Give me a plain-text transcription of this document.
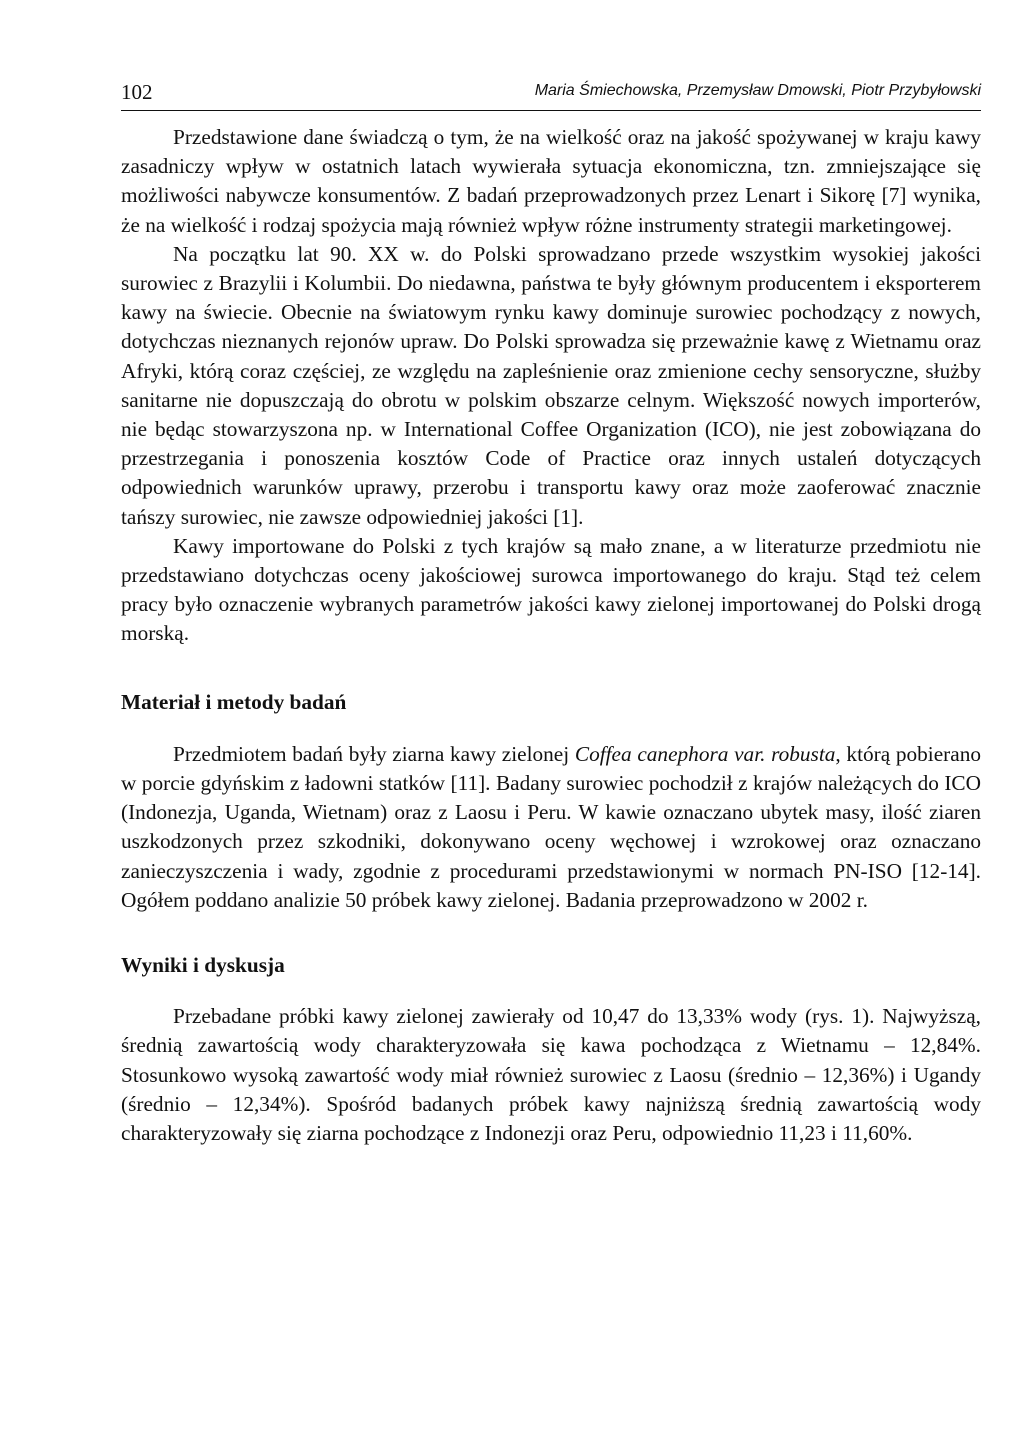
102	Maria Śmiechowska, Przemysław Dmowski, Piotr Przybyłowski

Przedstawione dane świadczą o tym, że na wielkość oraz na jakość spożywanej w kraju kawy zasadniczy wpływ w ostatnich latach wywierała sytuacja ekonomiczna, tzn. zmniejszające się możliwości nabywcze konsumentów. Z badań przeprowadzonych przez Lenart i Sikorę [7] wynika, że na wielkość i rodzaj spożycia mają również wpływ różne instrumenty strategii marketingowej.

Na początku lat 90. XX w. do Polski sprowadzano przede wszystkim wysokiej jakości surowiec z Brazylii i Kolumbii. Do niedawna, państwa te były głównym producentem i eksporterem kawy na świecie. Obecnie na światowym rynku kawy dominuje surowiec pochodzący z nowych, dotychczas nieznanych rejonów upraw. Do Polski sprowadza się przeważnie kawę z Wietnamu oraz Afryki, którą coraz częściej, ze względu na zapleśnienie oraz zmienione cechy sensoryczne, służby sanitarne nie dopuszczają do obrotu w polskim obszarze celnym. Większość nowych importerów, nie będąc stowarzyszona np. w International Coffee Organization (ICO), nie jest zobowiązana do przestrzegania i ponoszenia kosztów Code of Practice oraz innych ustaleń dotyczących odpowiednich warunków uprawy, przerobu i transportu kawy oraz może zaoferować znacznie tańszy surowiec, nie zawsze odpowiedniej jakości [1].

Kawy importowane do Polski z tych krajów są mało znane, a w literaturze przedmiotu nie przedstawiano dotychczas oceny jakościowej surowca importowanego do kraju. Stąd też celem pracy było oznaczenie wybranych parametrów jakości kawy zielonej importowanej do Polski drogą morską.

Materiał i metody badań

Przedmiotem badań były ziarna kawy zielonej Coffea canephora var. robusta, którą pobierano w porcie gdyńskim z ładowni statków [11]. Badany surowiec pochodził z krajów należących do ICO (Indonezja, Uganda, Wietnam) oraz z Laosu i Peru. W kawie oznaczano ubytek masy, ilość ziaren uszkodzonych przez szkodniki, dokonywano oceny węchowej i wzrokowej oraz oznaczano zanieczyszczenia i wady, zgodnie z procedurami przedstawionymi w normach PN-ISO [12-14]. Ogółem poddano analizie 50 próbek kawy zielonej. Badania przeprowadzono w 2002 r.

Wyniki i dyskusja

Przebadane próbki kawy zielonej zawierały od 10,47 do 13,33% wody (rys. 1). Najwyższą, średnią zawartością wody charakteryzowała się kawa pochodząca z Wietnamu – 12,84%. Stosunkowo wysoką zawartość wody miał również surowiec z Laosu (średnio – 12,36%) i Ugandy (średnio – 12,34%). Spośród badanych próbek kawy najniższą średnią zawartością wody charakteryzowały się ziarna pochodzące z Indonezji oraz Peru, odpowiednio 11,23 i 11,60%.
